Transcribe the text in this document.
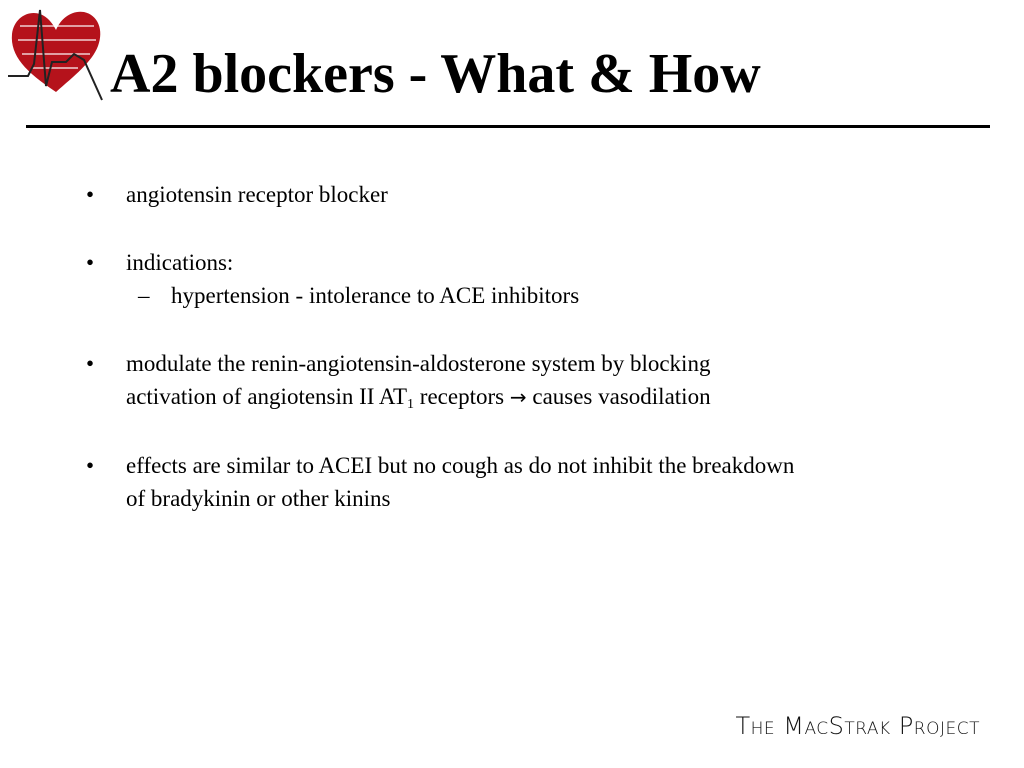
A2 blockers - What & How
• angiotensin receptor blocker
• indications:
– hypertension - intolerance to ACE inhibitors
• modulate the renin-angiotensin-aldosterone system by blocking
activation of angiotensin II $AT_1$ receptors → causes vasodilation
• effects are similar to ACEI but no cough as do not inhibit the breakdown
of bradykinin or other kinins
The MacStrak Project
